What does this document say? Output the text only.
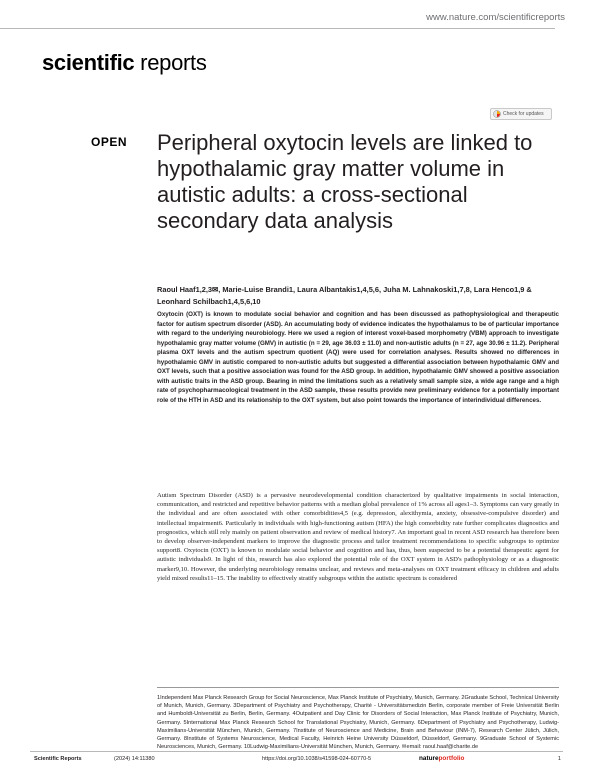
www.nature.com/scientificreports
scientific reports
Check for updates
OPEN Peripheral oxytocin levels are linked to hypothalamic gray matter volume in autistic adults: a cross-sectional secondary data analysis
Raoul Haaf1,2,3✉, Marie-Luise Brandi1, Laura Albantakis1,4,5,6, Juha M. Lahnakoski1,7,8, Lara Henco1,9 & Leonhard Schilbach1,4,5,6,10
Oxytocin (OXT) is known to modulate social behavior and cognition and has been discussed as pathophysiological and therapeutic factor for autism spectrum disorder (ASD). An accumulating body of evidence indicates the hypothalamus to be of particular importance with regard to the underlying neurobiology. Here we used a region of interest voxel-based morphometry (VBM) approach to investigate hypothalamic gray matter volume (GMV) in autistic (n = 29, age 36.03 ± 11.0) and non-autistic adults (n = 27, age 30.96 ± 11.2). Peripheral plasma OXT levels and the autism spectrum quotient (AQ) were used for correlation analyses. Results showed no differences in hypothalamic GMV in autistic compared to non-autistic adults but suggested a differential association between hypothalamic GMV and OXT levels, such that a positive association was found for the ASD group. In addition, hypothalamic GMV showed a positive association with autistic traits in the ASD group. Bearing in mind the limitations such as a relatively small sample size, a wide age range and a high rate of psychopharmacological treatment in the ASD sample, these results provide new preliminary evidence for a potentially important role of the HTH in ASD and its relationship to the OXT system, but also point towards the importance of interindividual differences.
Autism Spectrum Disorder (ASD) is a pervasive neurodevelopmental condition characterized by qualitative impairments in social interaction, communication, and restricted and repetitive behavior patterns with a median global prevalence of 1% across all ages1–3. Symptoms can vary greatly in the individual and are often associated with other comorbidities4,5 (e.g. depression, alexithymia, anxiety, obsessive-compulsive disorder) and intellectual impairment6. Particularly in individuals with high-functioning autism (HFA) the high comorbidity rate further complicates diagnostics and prognostics, which still rely mainly on patient observation and review of medical history7. An important goal in recent ASD research has therefore been to develop observer-independent markers to improve the diagnostic process and tailor treatment recommendations to specific subgroups to optimize support8. Oxytocin (OXT) is known to modulate social behavior and cognition and has, thus, been suspected to be a potential therapeutic agent for autistic individuals9. In light of this, research has also explored the potential role of the OXT system in ASD's pathophysiology or as a diagnostic marker9,10. However, the underlying neurobiology remains unclear, and reviews and meta-analyses on OXT treatment efficacy in children and adults yield mixed results11–15. The inability to effectively stratify subgroups within the autistic spectrum is considered
1Independent Max Planck Research Group for Social Neuroscience, Max Planck Institute of Psychiatry, Munich, Germany. 2Graduate School, Technical University of Munich, Munich, Germany. 3Department of Psychiatry and Psychotherapy, Charité - Universitätsmedizin Berlin, corporate member of Freie Universität Berlin and Humboldt-Universität zu Berlin, Berlin, Germany. 4Outpatient and Day Clinic for Disorders of Social Interaction, Max Planck Institute of Psychiatry, Munich, Germany. 5International Max Planck Research School for Translational Psychiatry, Munich, Germany. 6Department of Psychiatry and Psychotherapy, Ludwig-Maximilians-Universität München, Munich, Germany. 7Institute of Neuroscience and Medicine, Brain and Behaviour (INM-7), Research Center Jülich, Jülich, Germany. 8Institute of Systems Neuroscience, Medical Faculty, Heinrich Heine University Düsseldorf, Düsseldorf, Germany. 9Graduate School of Systemic Neurosciences, Munich, Germany. 10Ludwig-Maximilians-Universität München, Munich, Germany. ✉email: raoul.haaf@charite.de
Scientific Reports	(2024) 14:11380	https://doi.org/10.1038/s41598-024-60770-5	natureportfolio	1
